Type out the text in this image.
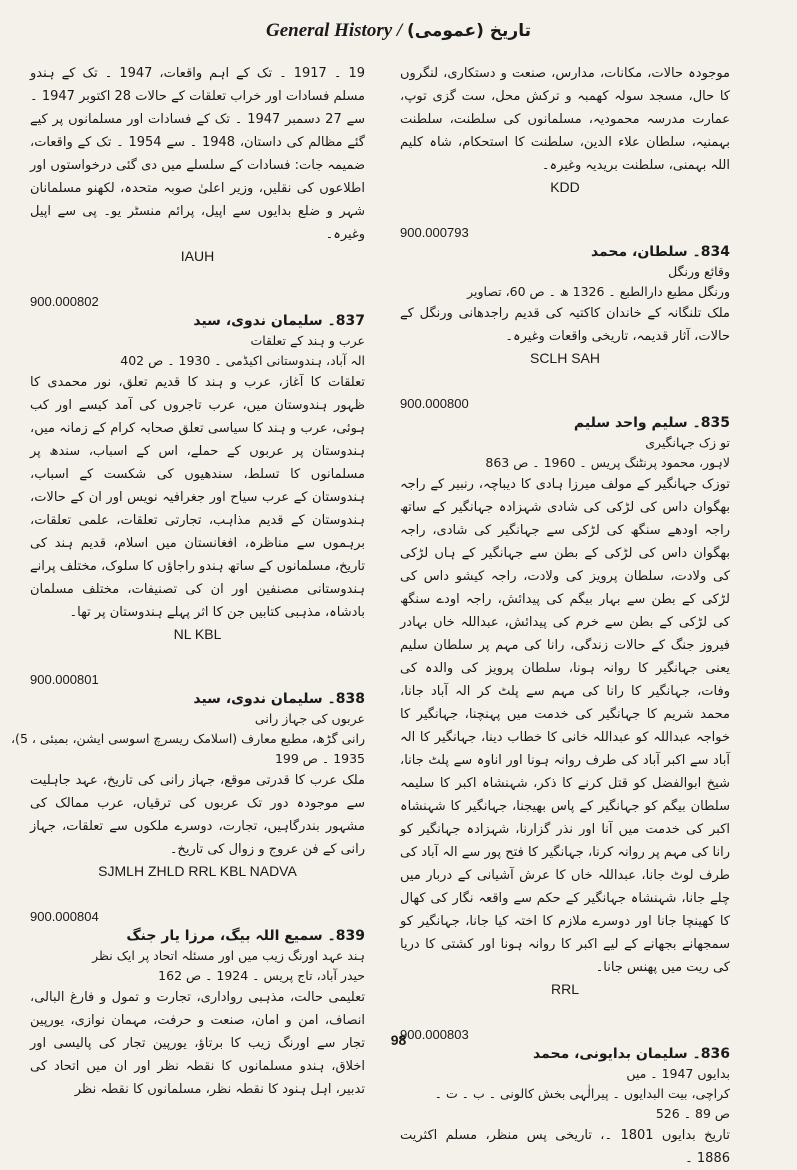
General History / تاریخ (عمومی)
19 ۔ 1917 ۔ تک کے اہم واقعات، 1947 ۔ تک کے ہندو مسلم فسادات اور خراب تعلقات کے حالات 28 اکتوبر 1947 ۔ سے 27 دسمبر 1947 ۔ تک کے فسادات اور مسلمانوں پر کیے گئے مظالم کی داستان، 1948 ۔ سے 1954 ۔ تک کے واقعات، ضمیمہ جات: فسادات کے سلسلے میں دی گئی درخواستوں اور اطلاعوں کی نقلیں، وزیر اعلیٰ صوبہ متحدہ، لکھنو مسلمانان شہر و ضلع بدایوں سے اپیل، پرائم منسٹر یو۔ پی سے اپیل وغیرہ۔
IAUH
900.000802
837۔ سلیمان ندوی، سید
عرب و ہند کے تعلقات
الہ آباد، ہندوستانی اکیڈمی ۔ 1930 ۔ ص 402
تعلقات کا آغاز، عرب و ہند کا قدیم تعلق، نور محمدی کا ظہور ہندوستان میں، عرب تاجروں کی آمد کیسے اور کب ہوئی، عرب و ہند کا سیاسی تعلق صحابہ کرام کے زمانہ میں، ہندوستان پر عربوں کے حملے، اس کے اسباب، سندھ پر مسلمانوں کا تسلط، سندھیوں کی شکست کے اسباب، ہندوستان کے عرب سیاح اور جغرافیہ نویس اور ان کے حالات، ہندوستان کے قدیم مذاہب، تجارتی تعلقات، علمی تعلقات، برہموں سے مناظرہ، افغانستان میں اسلام، قدیم ہند کی تاریخ، مسلمانوں کے ساتھ ہندو راجاؤں کا سلوک، مختلف پرانے ہندوستانی مصنفین اور ان کی تصنیفات، مختلف مسلمان بادشاہ، مذہبی کتابیں جن کا اثر پہلے ہندوستان پر تھا۔
NL KBL
900.000801
838۔ سلیمان ندوی، سید
عربوں کی جہاز رانی
رانی گڑھ، مطبع معارف (اسلامک ریسرچ اسوسی ایشن، بمبئی ، 5)،
1935 ۔ ص 199
ملک عرب کا قدرتی موقع، جہاز رانی کی تاریخ، عہد جاہلیت سے موجودہ دور تک عربوں کی ترقیاں، عرب ممالک کی مشہور بندرگاہیں، تجارت، دوسرے ملکوں سے تعلقات، جہاز رانی کے فن عروج و زوال کی تاریخ۔
SJMLH ZHLD RRL KBL NADVA
900.000804
839۔ سمیع اللہ بیگ، مرزا یار جنگ
ہند عہد اورنگ زیب میں اور مسئلہ اتحاد پر ایک نظر
حیدر آباد، تاج پریس ۔ 1924 ۔ ص 162
تعلیمی حالت، مذہبی رواداری، تجارت و تمول و فارغ البالی، انصاف، امن و امان، صنعت و حرفت، مہمان نوازی، یورپین تجار سے اورنگ زیب کا برتاؤ، یورپین تجار کی پالیسی اور اخلاق، ہندو مسلمانوں کا نقطہ نظر اور ان میں اتحاد کی تدبیر، اہل ہنود کا نقطہ نظر، مسلمانوں کا نقطہ نظر
موجودہ حالات، مکانات، مدارس، صنعت و دستکاری، لنگروں کا حال، مسجد سولہ کھمبہ و ترکش محل، ست گزی توپ، عمارت مدرسہ محمودیہ، مسلمانوں کی سلطنت، سلطنت بہمنیہ، سلطان علاء الدین، سلطنت کا استحکام، شاہ کلیم اللہ بہمنی، سلطنت بریدیہ وغیرہ۔
KDD
900.000793
834۔ سلطان، محمد
وقائع ورنگل
ورنگل مطبع دارالطبع ۔ 1326 ھ ۔ ص 60، تصاویر
ملک تلنگانہ کے خاندان کاکتیہ کی قدیم راجدھانی ورنگل کے حالات، آثار قدیمہ، تاریخی واقعات وغیرہ۔
SCLH SAH
900.000800
835۔ سلیم واحد سلیم
تو زک جہانگیری
لاہور، محمود پرنٹنگ پریس ۔ 1960 ۔ ص 863
توزک جہانگیر کے مولف میرزا ہادی کا دیباچہ، رنبیر کے راجہ بھگوان داس کی لڑکی کی شادی شہزادہ جہانگیر کے ساتھ راجہ اودھے سنگھ کی لڑکی سے جہانگیر کی شادی، راجہ بھگوان داس کی لڑکی کے بطن سے جہانگیر کے ہاں لڑکی کی ولادت، سلطان پرویز کی ولادت، راجہ کیشو داس کی لڑکی کے بطن سے بہار بیگم کی پیدائش، راجہ اودے سنگھ کی لڑکی کے بطن سے خرم کی پیدائش، عبداللہ خاں بہادر فیروز جنگ کے حالات زندگی، رانا کی مہم پر سلطان سلیم یعنی جہانگیر کا روانہ ہونا، سلطان پرویز کی والدہ کی وفات، جہانگیر کا رانا کی مہم سے پلٹ کر الہ آباد جانا، محمد شریم کا جہانگیر کی خدمت میں پہنچنا، جہانگیر کا خواجہ عبداللہ کو عبداللہ خانی کا خطاب دینا، جہانگیر کا الہ آباد سے اکبر آباد کی طرف روانہ ہونا اور اناوہ سے پلٹ جانا، شیخ ابوالفضل کو قتل کرنے کا ذکر، شہنشاہ اکبر کا سلیمہ سلطان بیگم کو جہانگیر کے پاس بھیجنا، جہانگیر کا شہنشاہ اکبر کی خدمت میں آنا اور نذر گزارنا، شہزادہ جہانگیر کو رانا کی مہم پر روانہ کرنا، جہانگیر کا فتح پور سے الہ آباد کی طرف لوٹ جانا، عبداللہ خاں کا عرش آشیانی کے دربار میں چلے جانا، شہنشاہ جہانگیر کے حکم سے واقعہ نگار کی کھال کا کھینچا جانا اور دوسرے ملازم کا اختہ کیا جانا، جہانگیر کو سمجھانے بجھانے کے لیے اکبر کا روانہ ہونا اور کشتی کا دریا کی ریت میں پھنس جانا۔
RRL
900.000803
836۔ سلیمان بدایونی، محمد
بدایوں 1947 ۔ میں
کراچی، بیت البدایوں ۔ پیرالٰہی بخش کالونی ۔ ب ۔ ت ۔
ص 89 ۔ 526
تاریخ بدایوں 1801 ۔، تاریخی پس منظر، مسلم اکثریت 1886 ۔
98
